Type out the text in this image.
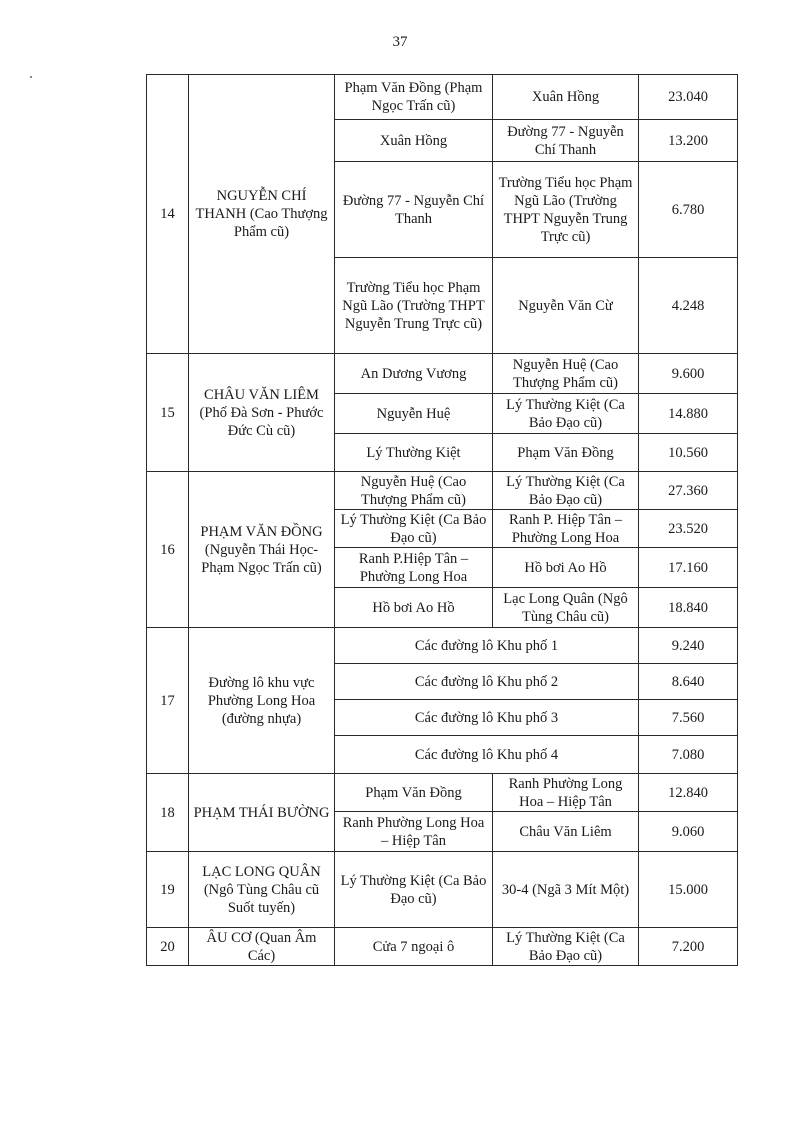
37
14	NGUYỄN CHÍ THANH (Cao Thượng Phẩm cũ)	Phạm Văn Đồng (Phạm Ngọc Trấn cũ)	Xuân Hồng	23.040
		Xuân Hồng	Đường 77 - Nguyễn Chí Thanh	13.200
		Đường 77 - Nguyễn Chí Thanh	Trường Tiểu học Phạm Ngũ Lão (Trường THPT Nguyễn Trung Trực cũ)	6.780
		Trường Tiểu học Phạm Ngũ Lão (Trường THPT Nguyễn Trung Trực cũ)	Nguyễn Văn Cừ	4.248
15	CHÂU VĂN LIÊM (Phố Đà Sơn - Phước Đức Cù cũ)	An Dương Vương	Nguyễn Huệ (Cao Thượng Phẩm cũ)	9.600
		Nguyễn Huệ	Lý Thường Kiệt (Ca Bảo Đạo cũ)	14.880
		Lý Thường Kiệt	Phạm Văn Đồng	10.560
16	PHẠM VĂN ĐỒNG (Nguyễn Thái Học- Phạm Ngọc Trấn cũ)	Nguyễn Huệ (Cao Thượng Phẩm cũ)	Lý Thường Kiệt (Ca Bảo Đạo cũ)	27.360
		Lý Thường Kiệt (Ca Bảo Đạo cũ)	Ranh P. Hiệp Tân – Phường Long Hoa	23.520
		Ranh P.Hiệp Tân – Phường Long Hoa	Hồ bơi Ao Hồ	17.160
		Hồ bơi Ao Hồ	Lạc Long Quân (Ngô Tùng Châu cũ)	18.840
17	Đường lô khu vực Phường Long Hoa (đường nhựa)	Các đường lô Khu phố 1		9.240
		Các đường lô Khu phố 2		8.640
		Các đường lô Khu phố 3		7.560
		Các đường lô Khu phố 4		7.080
18	PHẠM THÁI BƯỜNG	Phạm Văn Đồng	Ranh Phường Long Hoa – Hiệp Tân	12.840
		Ranh Phường Long Hoa – Hiệp Tân	Châu Văn Liêm	9.060
19	LẠC LONG QUÂN (Ngô Tùng Châu cũ Suốt tuyến)	Lý Thường Kiệt (Ca Bảo Đạo cũ)	30-4 (Ngã 3 Mít Một)	15.000
20	ÂU CƠ (Quan Âm Các)	Cửa 7 ngoại ô	Lý Thường Kiệt (Ca Bảo Đạo cũ)	7.200
